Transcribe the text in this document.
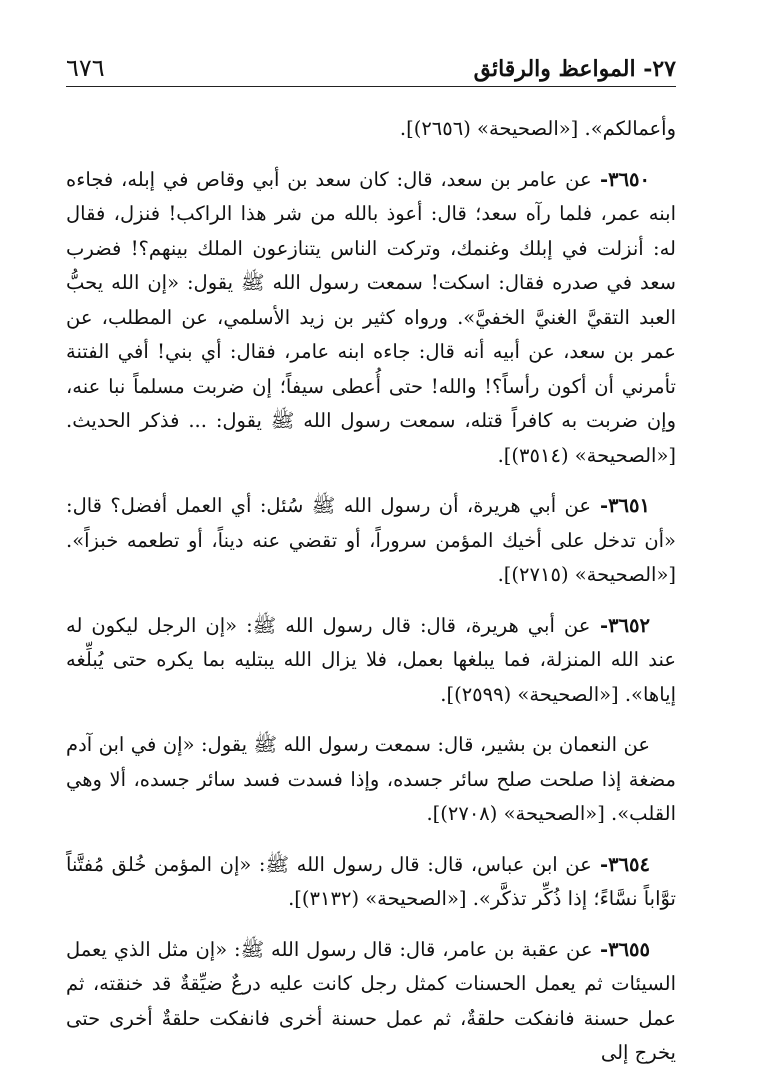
٦٧٦	٢٧- المواعظ والرقائق

وأعمالكم». [«الصحيحة» (٢٦٥٦)].

٣٦٥٠- عن عامر بن سعد، قال: كان سعد بن أبي وقاص في إبله، فجاءه ابنه عمر، فلما رآه سعد؛ قال: أعوذ بالله من شر هذا الراكب! فنزل، فقال له: أنزلت في إبلك وغنمك، وتركت الناس يتنازعون الملك بينهم؟! فضرب سعد في صدره فقال: اسكت! سمعت رسول الله ﷺ يقول: «إن الله يحبُّ العبد التقيَّ الغنيَّ الخفيَّ». ورواه كثير بن زيد الأسلمي، عن المطلب، عن عمر بن سعد، عن أبيه أنه قال: جاءه ابنه عامر، فقال: أي بني! أفي الفتنة تأمرني أن أكون رأساً؟! والله! حتى أُعطى سيفاً؛ إن ضربت مسلماً نبا عنه، وإن ضربت به كافراً قتله، سمعت رسول الله ﷺ يقول: ... فذكر الحديث. [«الصحيحة» (٣٥١٤)].

٣٦٥١- عن أبي هريرة، أن رسول الله ﷺ سُئل: أي العمل أفضل؟ قال: «أن تدخل على أخيك المؤمن سروراً، أو تقضي عنه ديناً، أو تطعمه خبزاً». [«الصحيحة» (٢٧١٥)].

٣٦٥٢- عن أبي هريرة، قال: قال رسول الله ﷺ: «إن الرجل ليكون له عند الله المنزلة، فما يبلغها بعمل، فلا يزال الله يبتليه بما يكره حتى يُبلِّغه إياها». [«الصحيحة» (٢٥٩٩)].

عن النعمان بن بشير، قال: سمعت رسول الله ﷺ يقول: «إن في ابن آدم مضغة إذا صلحت صلح سائر جسده، وإذا فسدت فسد سائر جسده، ألا وهي القلب». [«الصحيحة» (٢٧٠٨)].

٣٦٥٤- عن ابن عباس، قال: قال رسول الله ﷺ: «إن المؤمن خُلق مُفتَّناً توَّاباً نسَّاءً؛ إذا ذُكِّر تذكَّر». [«الصحيحة» (٣١٣٢)].

٣٦٥٥- عن عقبة بن عامر، قال: قال رسول الله ﷺ: «إن مثل الذي يعمل السيئات ثم يعمل الحسنات كمثل رجل كانت عليه درعٌ ضيِّقةٌ قد خنقته، ثم عمل حسنة فانفكت حلقةٌ، ثم عمل حسنة أخرى فانفكت حلقةٌ أخرى حتى يخرج إلى
